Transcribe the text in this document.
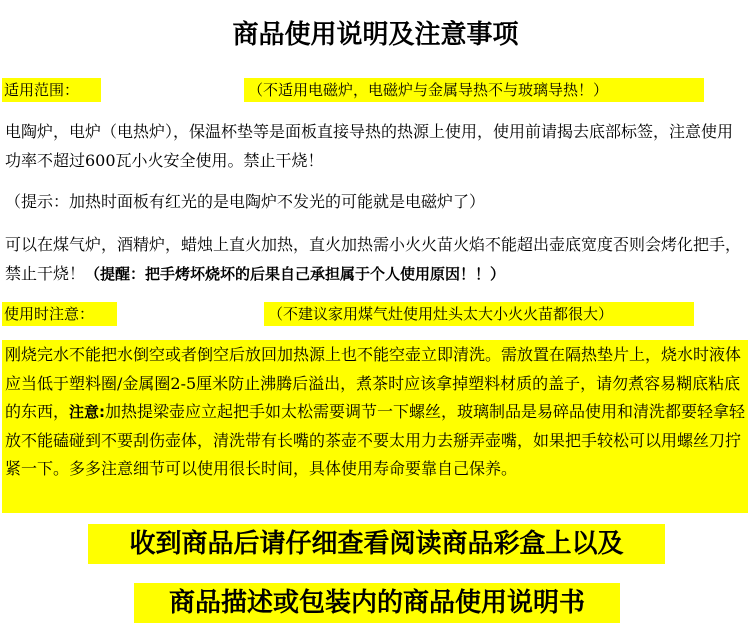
商品使用说明及注意事项
适用范围：	（不适用电磁炉，电磁炉与金属导热不与玻璃导热！）

电陶炉，电炉（电热炉），保温杯垫等是面板直接导热的热源上使用，使用前请揭去底部标签，注意使用功率不超过600瓦小火安全使用。禁止干烧！

（提示：加热时面板有红光的是电陶炉不发光的可能就是电磁炉了）

可以在煤气炉，酒精炉，蜡烛上直火加热，直火加热需小火火苗火焰不能超出壶底宽度否则会烤化把手，禁止干烧！（提醒：把手烤坏烧坏的后果自己承担属于个人使用原因！！）

使用时注意：	（不建议家用煤气灶使用灶头太大小火火苗都很大）

刚烧完水不能把水倒空或者倒空后放回加热源上也不能空壶立即清洗。需放置在隔热垫片上，烧水时液体应当低于塑料圈/金属圈2-5厘米防止沸腾后溢出，煮茶时应该拿掉塑料材质的盖子，请勿煮容易糊底粘底的东西，注意:加热提梁壶应立起把手如太松需要调节一下螺丝，玻璃制品是易碎品使用和清洗都要轻拿轻放不能磕碰到不要刮伤壶体，清洗带有长嘴的茶壶不要太用力去掰弄壶嘴，如果把手较松可以用螺丝刀拧紧一下。多多注意细节可以使用很长时间，具体使用寿命要靠自己保养。

收到商品后请仔细查看阅读商品彩盒上以及
商品描述或包装内的商品使用说明书
